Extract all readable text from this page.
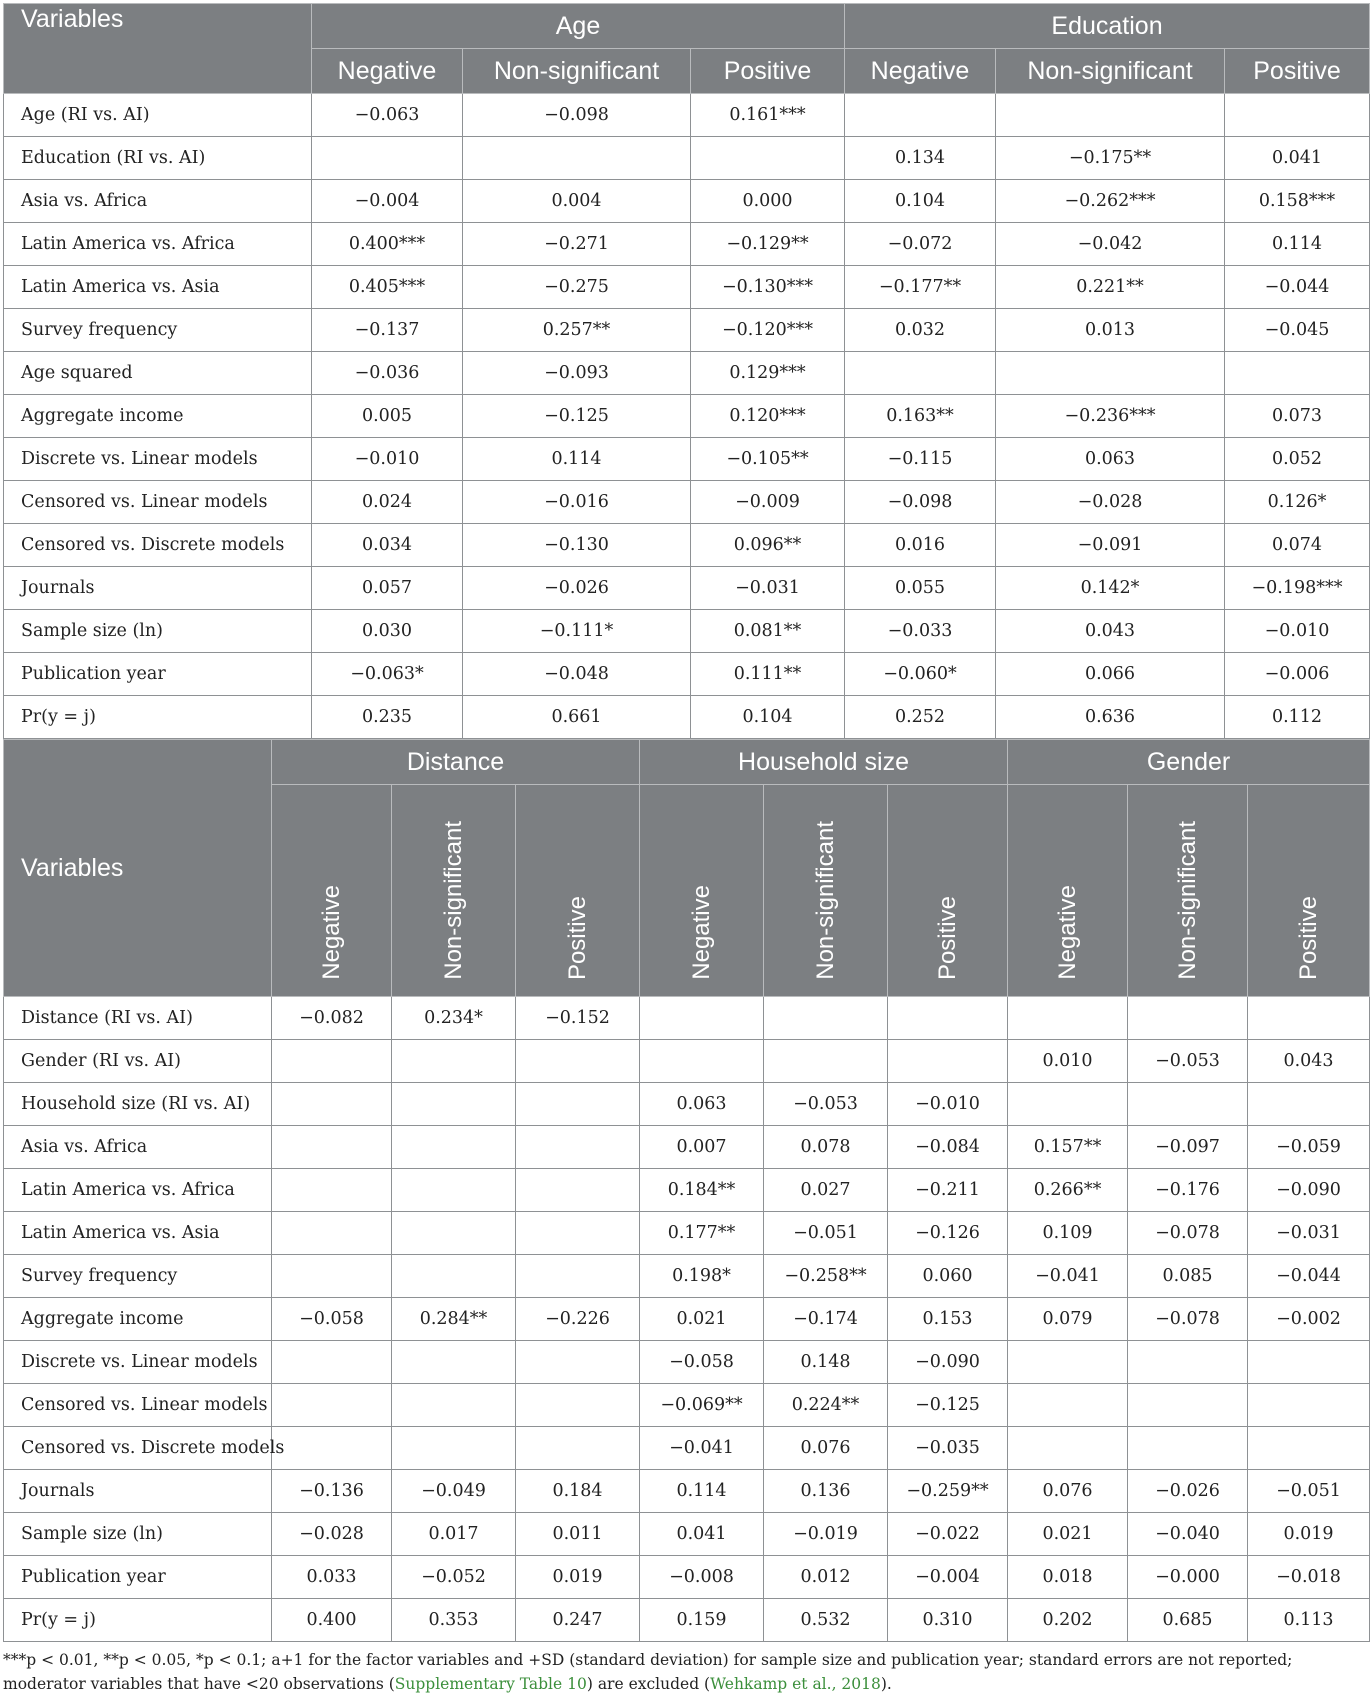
Variables	Age			Education		
	Negative	Non-significant	Positive	Negative	Non-significant	Positive
Age (RI vs. AI)	−0.063	−0.098	0.161***			
Education (RI vs. AI)				0.134	−0.175**	0.041
Asia vs. Africa	−0.004	0.004	0.000	0.104	−0.262***	0.158***
Latin America vs. Africa	0.400***	−0.271	−0.129**	−0.072	−0.042	0.114
Latin America vs. Asia	0.405***	−0.275	−0.130***	−0.177**	0.221**	−0.044
Survey frequency	−0.137	0.257**	−0.120***	0.032	0.013	−0.045
Age squared	−0.036	−0.093	0.129***			
Aggregate income	0.005	−0.125	0.120***	0.163**	−0.236***	0.073
Discrete vs. Linear models	−0.010	0.114	−0.105**	−0.115	0.063	0.052
Censored vs. Linear models	0.024	−0.016	−0.009	−0.098	−0.028	0.126*
Censored vs. Discrete models	0.034	−0.130	0.096**	0.016	−0.091	0.074
Journals	0.057	−0.026	−0.031	0.055	0.142*	−0.198***
Sample size (ln)	0.030	−0.111*	0.081**	−0.033	0.043	−0.010
Publication year	−0.063*	−0.048	0.111**	−0.060*	0.066	−0.006
Pr(y = j)	0.235	0.661	0.104	0.252	0.636	0.112
Variables	Distance			Household size			Gender		

	Negative	Non-significant	Positive	Negative	Non-significant	Positive	Negative	Non-significant	Positive

Distance (RI vs. AI)	−0.082	0.234*	−0.152						
Gender (RI vs. AI)							0.010	−0.053	0.043
Household size (RI vs. AI)				0.063	−0.053	−0.010			
Asia vs. Africa				0.007	0.078	−0.084	0.157**	−0.097	−0.059
Latin America vs. Africa				0.184**	0.027	−0.211	0.266**	−0.176	−0.090
Latin America vs. Asia				0.177**	−0.051	−0.126	0.109	−0.078	−0.031
Survey frequency				0.198*	−0.258**	0.060	−0.041	0.085	−0.044
Aggregate income	−0.058	0.284**	−0.226	0.021	−0.174	0.153	0.079	−0.078	−0.002
Discrete vs. Linear models				−0.058	0.148	−0.090			
Censored vs. Linear models				−0.069**	0.224**	−0.125			
Censored vs. Discrete models				−0.041	0.076	−0.035			
Journals	−0.136	−0.049	0.184	0.114	0.136	−0.259**	0.076	−0.026	−0.051
Sample size (ln)	−0.028	0.017	0.011	0.041	−0.019	−0.022	0.021	−0.040	0.019
Publication year	0.033	−0.052	0.019	−0.008	0.012	−0.004	0.018	−0.000	−0.018
Pr(y = j)	0.400	0.353	0.247	0.159	0.532	0.310	0.202	0.685	0.113
***p < 0.01, **p < 0.05, *p < 0.1; a+1 for the factor variables and +SD (standard deviation) for sample size and publication year; standard errors are not reported; moderator variables that have <20 observations (Supplementary Table 10) are excluded (Wehkamp et al., 2018).
